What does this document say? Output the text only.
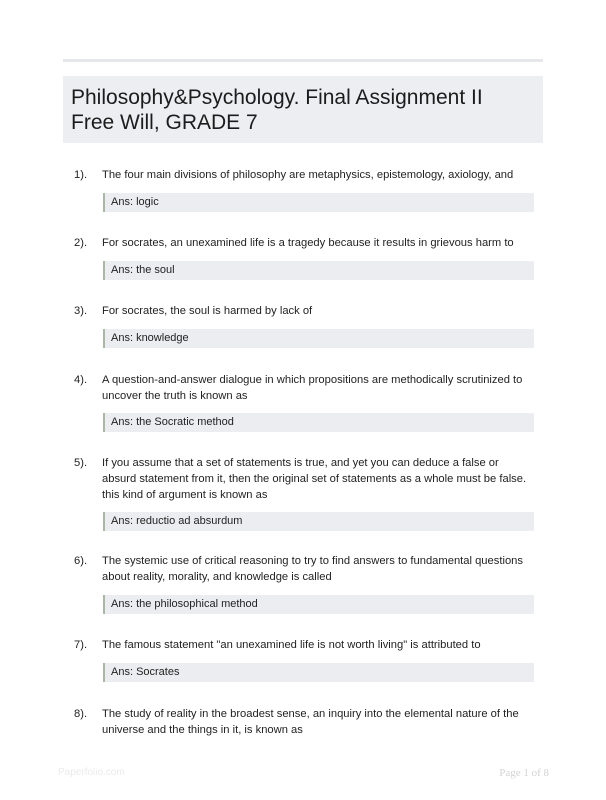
Philosophy&Psychology. Final Assignment II
Free Will, GRADE 7
1). The four main divisions of philosophy are metaphysics, epistemology, axiology, and
Ans: logic
2). For socrates, an unexamined life is a tragedy because it results in grievous harm to
Ans: the soul
3). For socrates, the soul is harmed by lack of
Ans: knowledge
4). A question-and-answer dialogue in which propositions are methodically scrutinized to uncover the truth is known as
Ans: the Socratic method
5). If you assume that a set of statements is true, and yet you can deduce a false or absurd statement from it, then the original set of statements as a whole must be false. this kind of argument is known as
Ans: reductio ad absurdum
6). The systemic use of critical reasoning to try to find answers to fundamental questions about reality, morality, and knowledge is called
Ans: the philosophical method
7). The famous statement "an unexamined life is not worth living" is attributed to
Ans: Socrates
8). The study of reality in the broadest sense, an inquiry into the elemental nature of the universe and the things in it, is known as
Paperfolio.com	Page 1 of 8
